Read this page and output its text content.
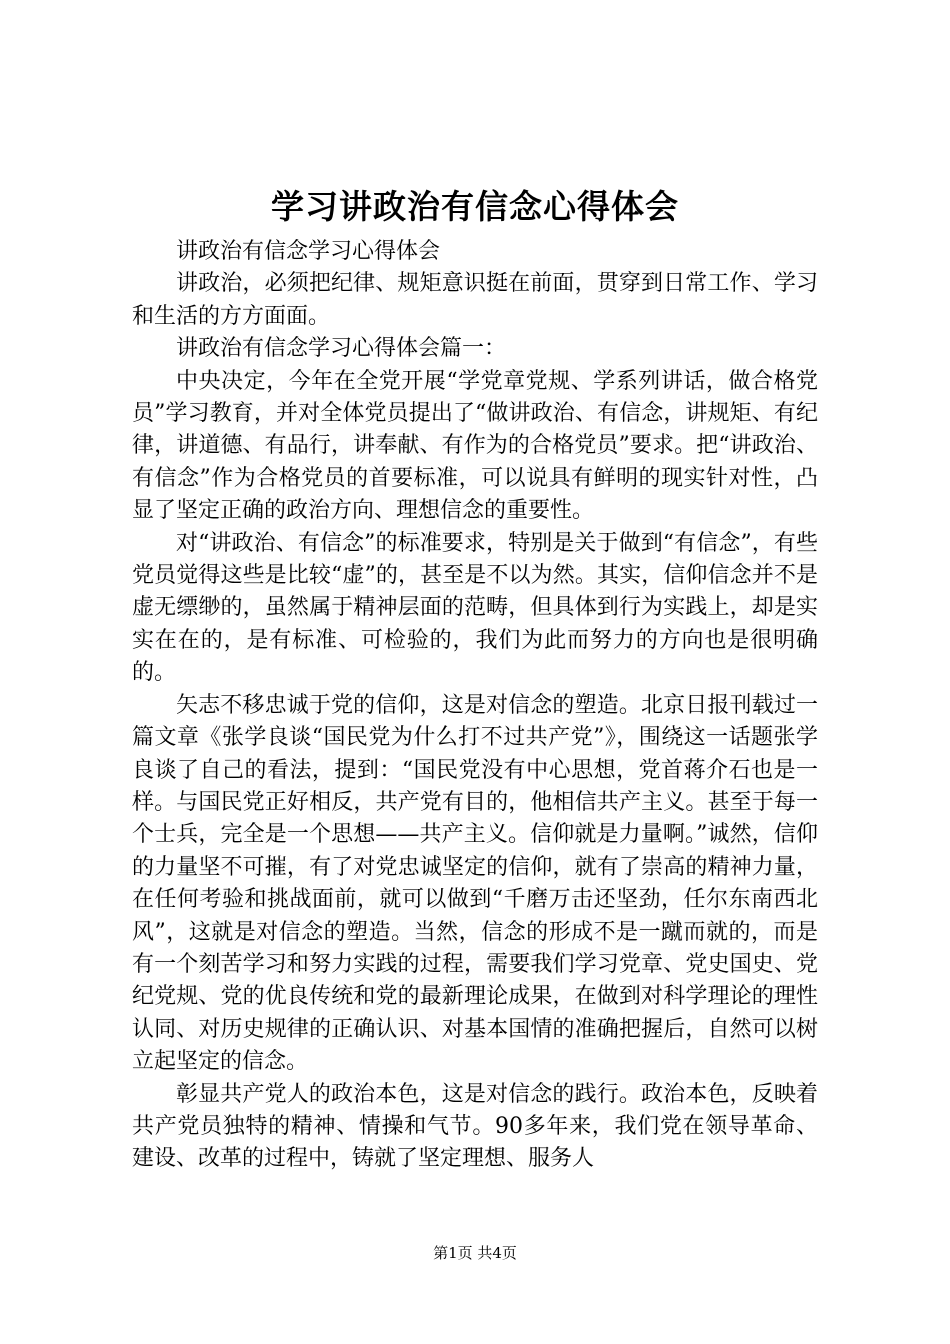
学习讲政治有信念心得体会

讲政治有信念学习心得体会

讲政治，必须把纪律、规矩意识挺在前面，贯穿到日常工作、学习和生活的方方面面。

讲政治有信念学习心得体会篇一：

中央决定，今年在全党开展“学党章党规、学系列讲话，做合格党员”学习教育，并对全体党员提出了“做讲政治、有信念，讲规矩、有纪律，讲道德、有品行，讲奉献、有作为的合格党员”要求。把“讲政治、有信念”作为合格党员的首要标准，可以说具有鲜明的现实针对性，凸显了坚定正确的政治方向、理想信念的重要性。

对“讲政治、有信念”的标准要求，特别是关于做到“有信念”，有些党员觉得这些是比较“虚”的，甚至是不以为然。其实，信仰信念并不是虚无缥缈的，虽然属于精神层面的范畴，但具体到行为实践上，却是实实在在的，是有标准、可检验的，我们为此而努力的方向也是很明确的。

矢志不移忠诚于党的信仰，这是对信念的塑造。北京日报刊载过一篇文章《张学良谈“国民党为什么打不过共产党”》，围绕这一话题张学良谈了自己的看法，提到：“国民党没有中心思想，党首蒋介石也是一样。与国民党正好相反，共产党有目的，他相信共产主义。甚至于每一个士兵，完全是一个思想——共产主义。信仰就是力量啊。”诚然，信仰的力量坚不可摧，有了对党忠诚坚定的信仰，就有了崇高的精神力量，在任何考验和挑战面前，就可以做到“千磨万击还坚劲，任尔东南西北风”，这就是对信念的塑造。当然，信念的形成不是一蹴而就的，而是有一个刻苦学习和努力实践的过程，需要我们学习党章、党史国史、党纪党规、党的优良传统和党的最新理论成果，在做到对科学理论的理性认同、对历史规律的正确认识、对基本国情的准确把握后，自然可以树立起坚定的信念。

彰显共产党人的政治本色，这是对信念的践行。政治本色，反映着共产党员独特的精神、情操和气节。90多年来，我们党在领导革命、建设、改革的过程中，铸就了坚定理想、服务人

第1页 共4页
